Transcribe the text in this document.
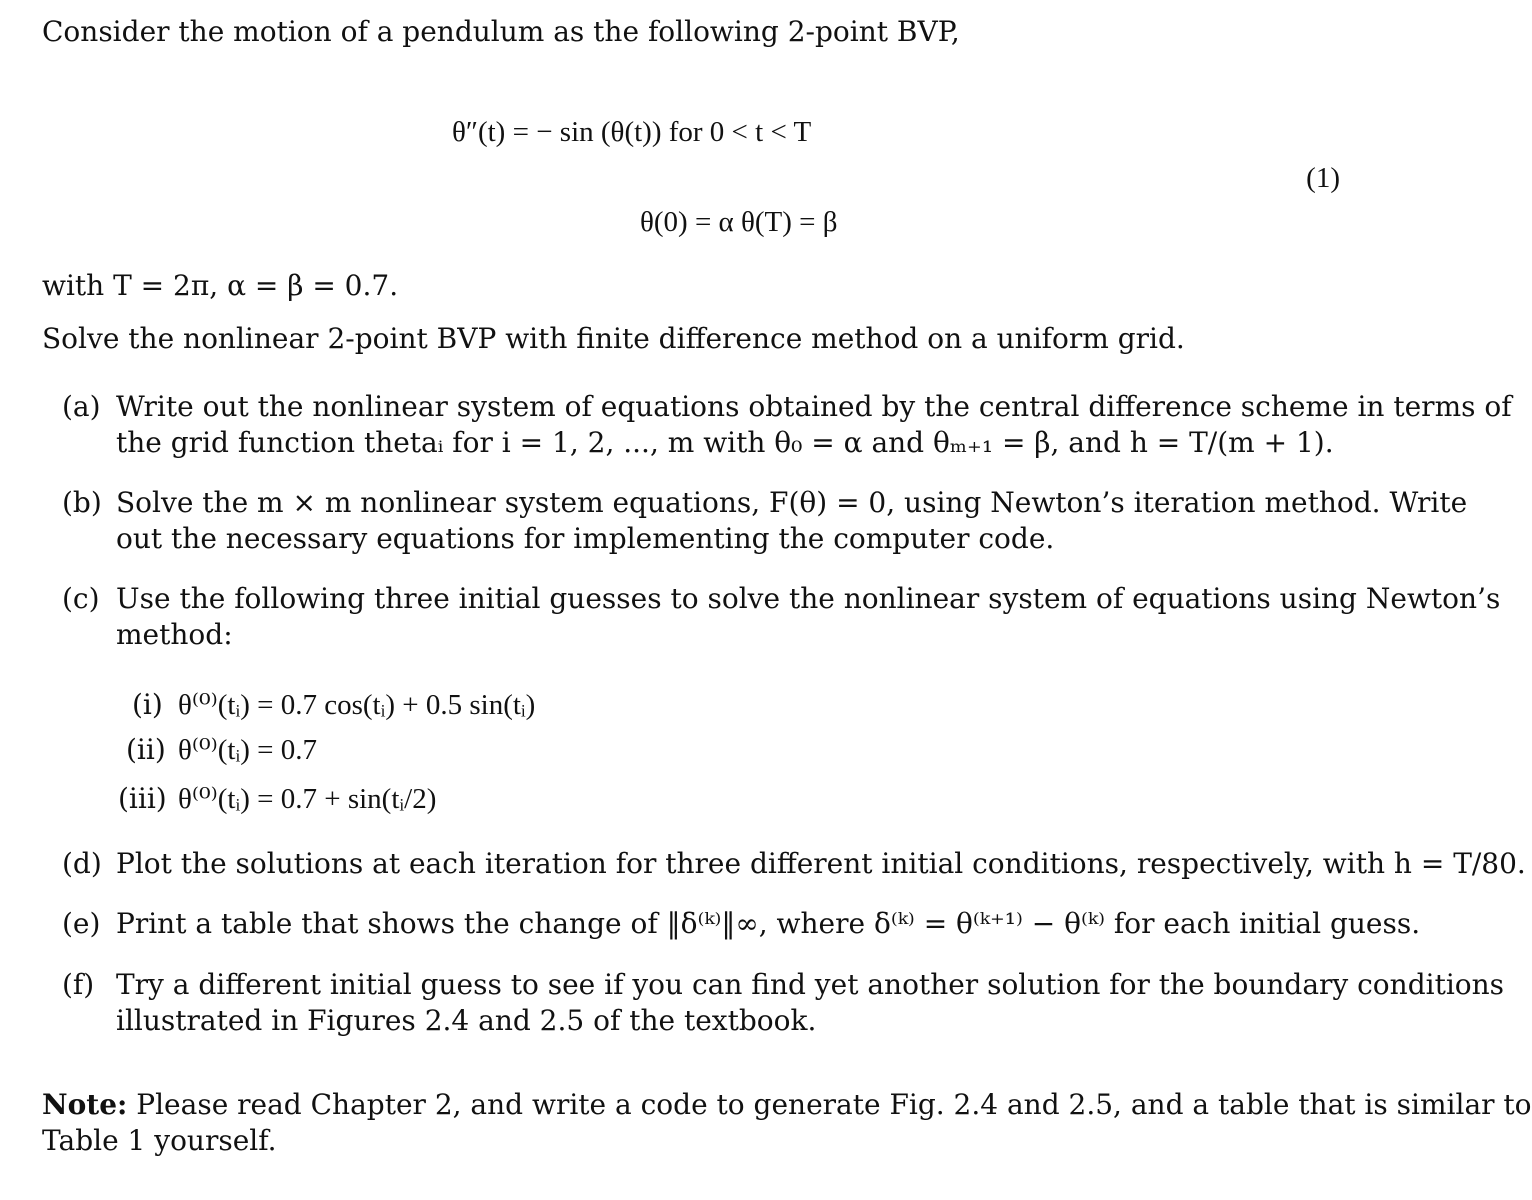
Consider the motion of a pendulum as the following 2-point BVP,
θ″(t) = − sin (θ(t)) for 0 < t < T
θ(0) = α θ(T) = β
(1)
with T = 2π, α = β = 0.7.
Solve the nonlinear 2-point BVP with finite difference method on a uniform grid.
(a) Write out the nonlinear system of equations obtained by the central difference scheme in terms of
the grid function thetaᵢ for i = 1, 2, ..., m with θ₀ = α and θₘ₊₁ = β, and h = T/(m + 1).
(b) Solve the m × m nonlinear system equations, F(θ) = 0, using Newton’s iteration method. Write
out the necessary equations for implementing the computer code.
(c) Use the following three initial guesses to solve the nonlinear system of equations using Newton’s
method:
(i) θ⁽⁰⁾(tᵢ) = 0.7 cos(tᵢ) + 0.5 sin(tᵢ)
(ii) θ⁽⁰⁾(tᵢ) = 0.7
(iii) θ⁽⁰⁾(tᵢ) = 0.7 + sin(tᵢ/2)
(d) Plot the solutions at each iteration for three different initial conditions, respectively, with h = T/80.
(e) Print a table that shows the change of ‖δ⁽ᵏ⁾‖∞, where δ⁽ᵏ⁾ = θ⁽ᵏ⁺¹⁾ − θ⁽ᵏ⁾ for each initial guess.
(f) Try a different initial guess to see if you can find yet another solution for the boundary conditions
illustrated in Figures 2.4 and 2.5 of the textbook.
Note: Please read Chapter 2, and write a code to generate Fig. 2.4 and 2.5, and a table that is similar to
Table 1 yourself.
